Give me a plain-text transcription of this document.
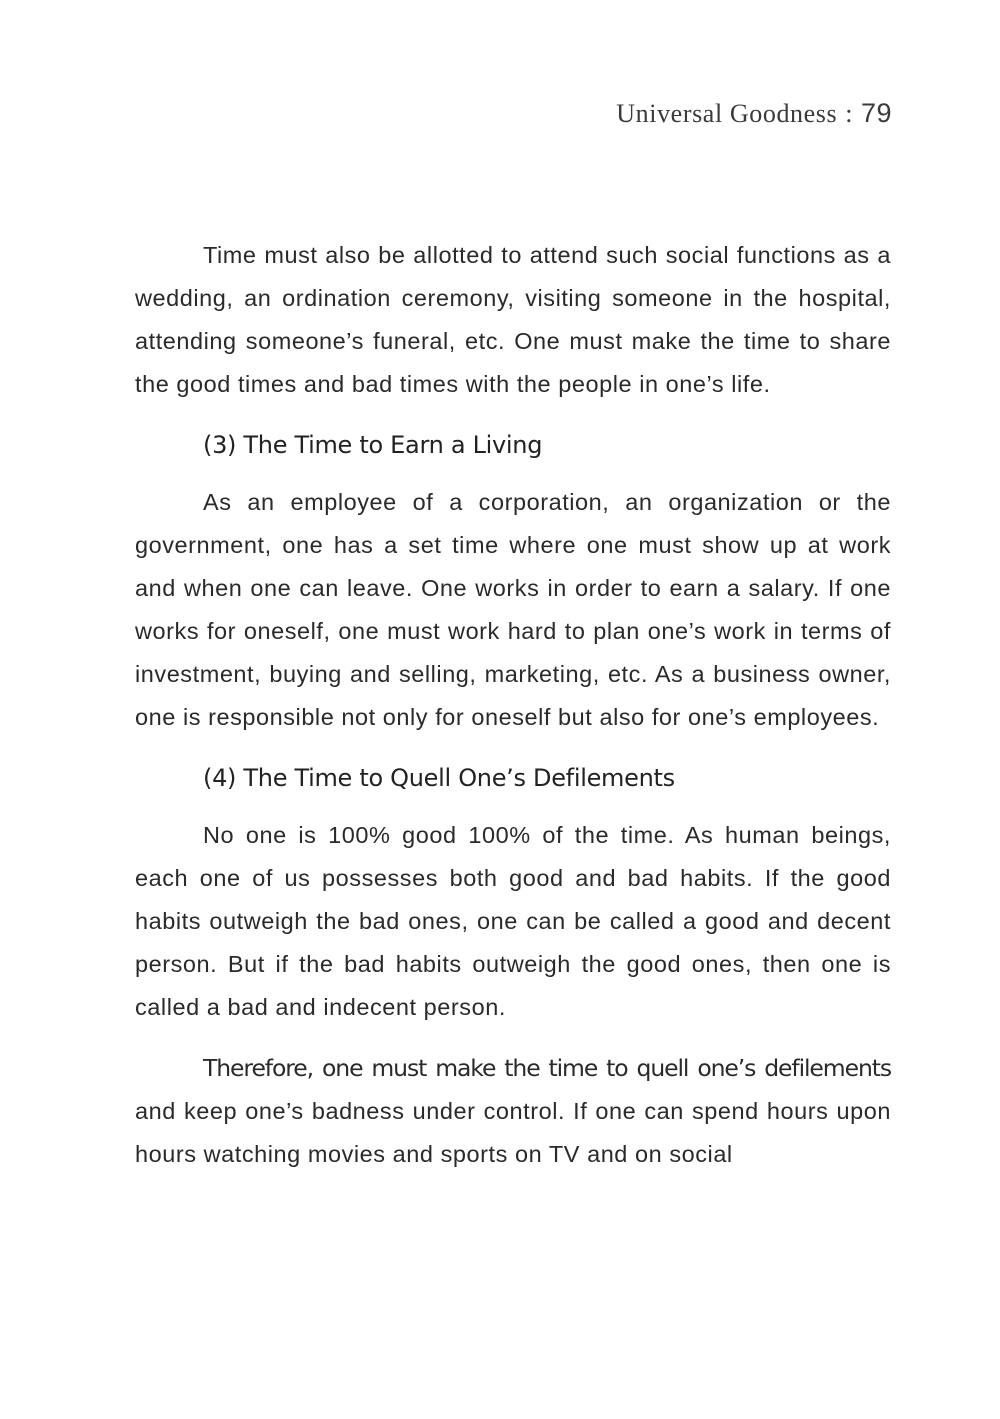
Universal Goodness : 79

Time must also be allotted to attend such social functions as a wedding, an ordination ceremony, visiting someone in the hospital, attending someone’s funeral, etc. One must make the time to share the good times and bad times with the people in one’s life.

(3) The Time to Earn a Living

As an employee of a corporation, an organization or the government, one has a set time where one must show up at work and when one can leave. One works in order to earn a salary. If one works for oneself, one must work hard to plan one’s work in terms of investment, buying and selling, marketing, etc. As a business owner, one is responsible not only for oneself but also for one’s employees.

(4) The Time to Quell One’s Defilements

No one is 100% good 100% of the time. As human beings, each one of us possesses both good and bad habits. If the good habits outweigh the bad ones, one can be called a good and decent person. But if the bad habits outweigh the good ones, then one is called a bad and indecent person.

Therefore, one must make the time to quell one’s defilements and keep one’s badness under control. If one can spend hours upon hours watching movies and sports on TV and on social
